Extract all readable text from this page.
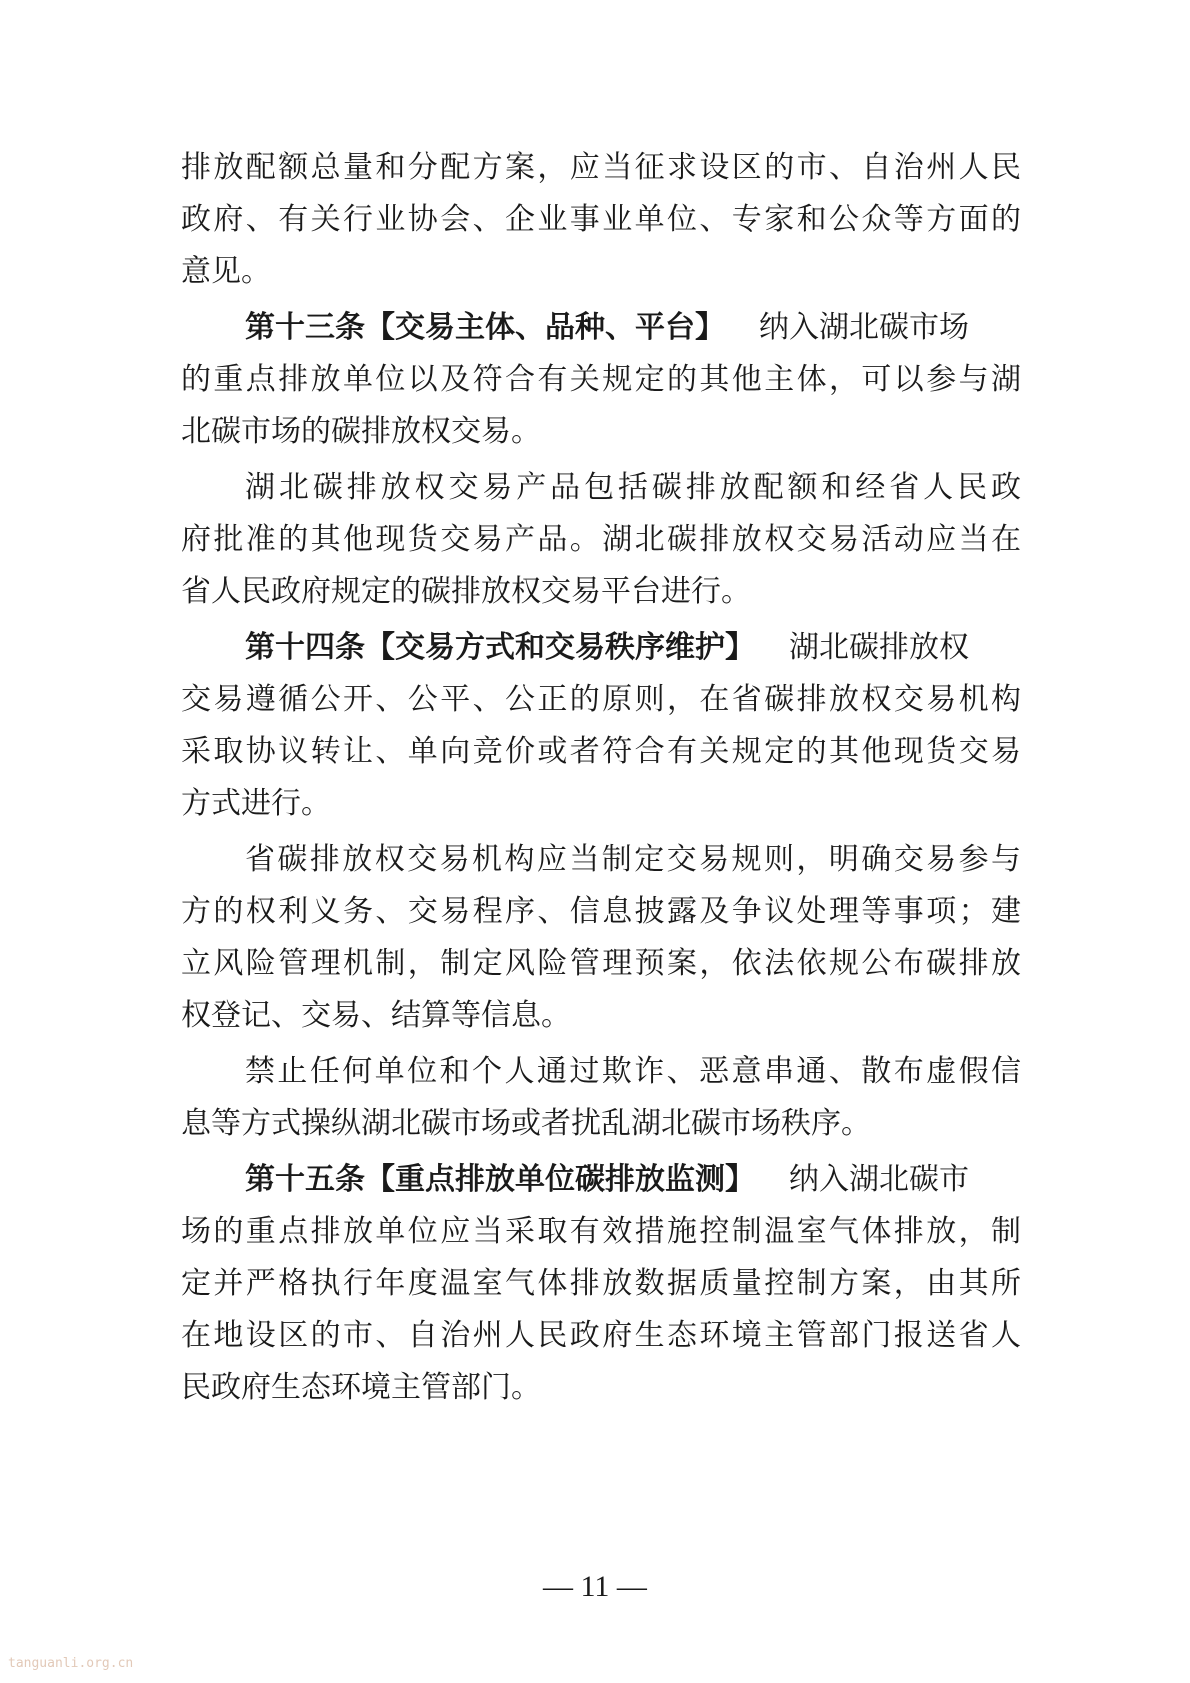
排放配额总量和分配方案，应当征求设区的市、自治州人民
政府、有关行业协会、企业事业单位、专家和公众等方面的
意见。
第十三条【交易主体、品种、平台】 纳入湖北碳市场
的重点排放单位以及符合有关规定的其他主体，可以参与湖
北碳市场的碳排放权交易。
湖北碳排放权交易产品包括碳排放配额和经省人民政
府批准的其他现货交易产品。湖北碳排放权交易活动应当在
省人民政府规定的碳排放权交易平台进行。
第十四条【交易方式和交易秩序维护】 湖北碳排放权
交易遵循公开、公平、公正的原则，在省碳排放权交易机构
采取协议转让、单向竞价或者符合有关规定的其他现货交易
方式进行。
省碳排放权交易机构应当制定交易规则，明确交易参与
方的权利义务、交易程序、信息披露及争议处理等事项；建
立风险管理机制，制定风险管理预案，依法依规公布碳排放
权登记、交易、结算等信息。
禁止任何单位和个人通过欺诈、恶意串通、散布虚假信
息等方式操纵湖北碳市场或者扰乱湖北碳市场秩序。
第十五条【重点排放单位碳排放监测】 纳入湖北碳市
场的重点排放单位应当采取有效措施控制温室气体排放，制
定并严格执行年度温室气体排放数据质量控制方案，由其所
在地设区的市、自治州人民政府生态环境主管部门报送省人
民政府生态环境主管部门。
— 11 —
tanguanli.org.cn
